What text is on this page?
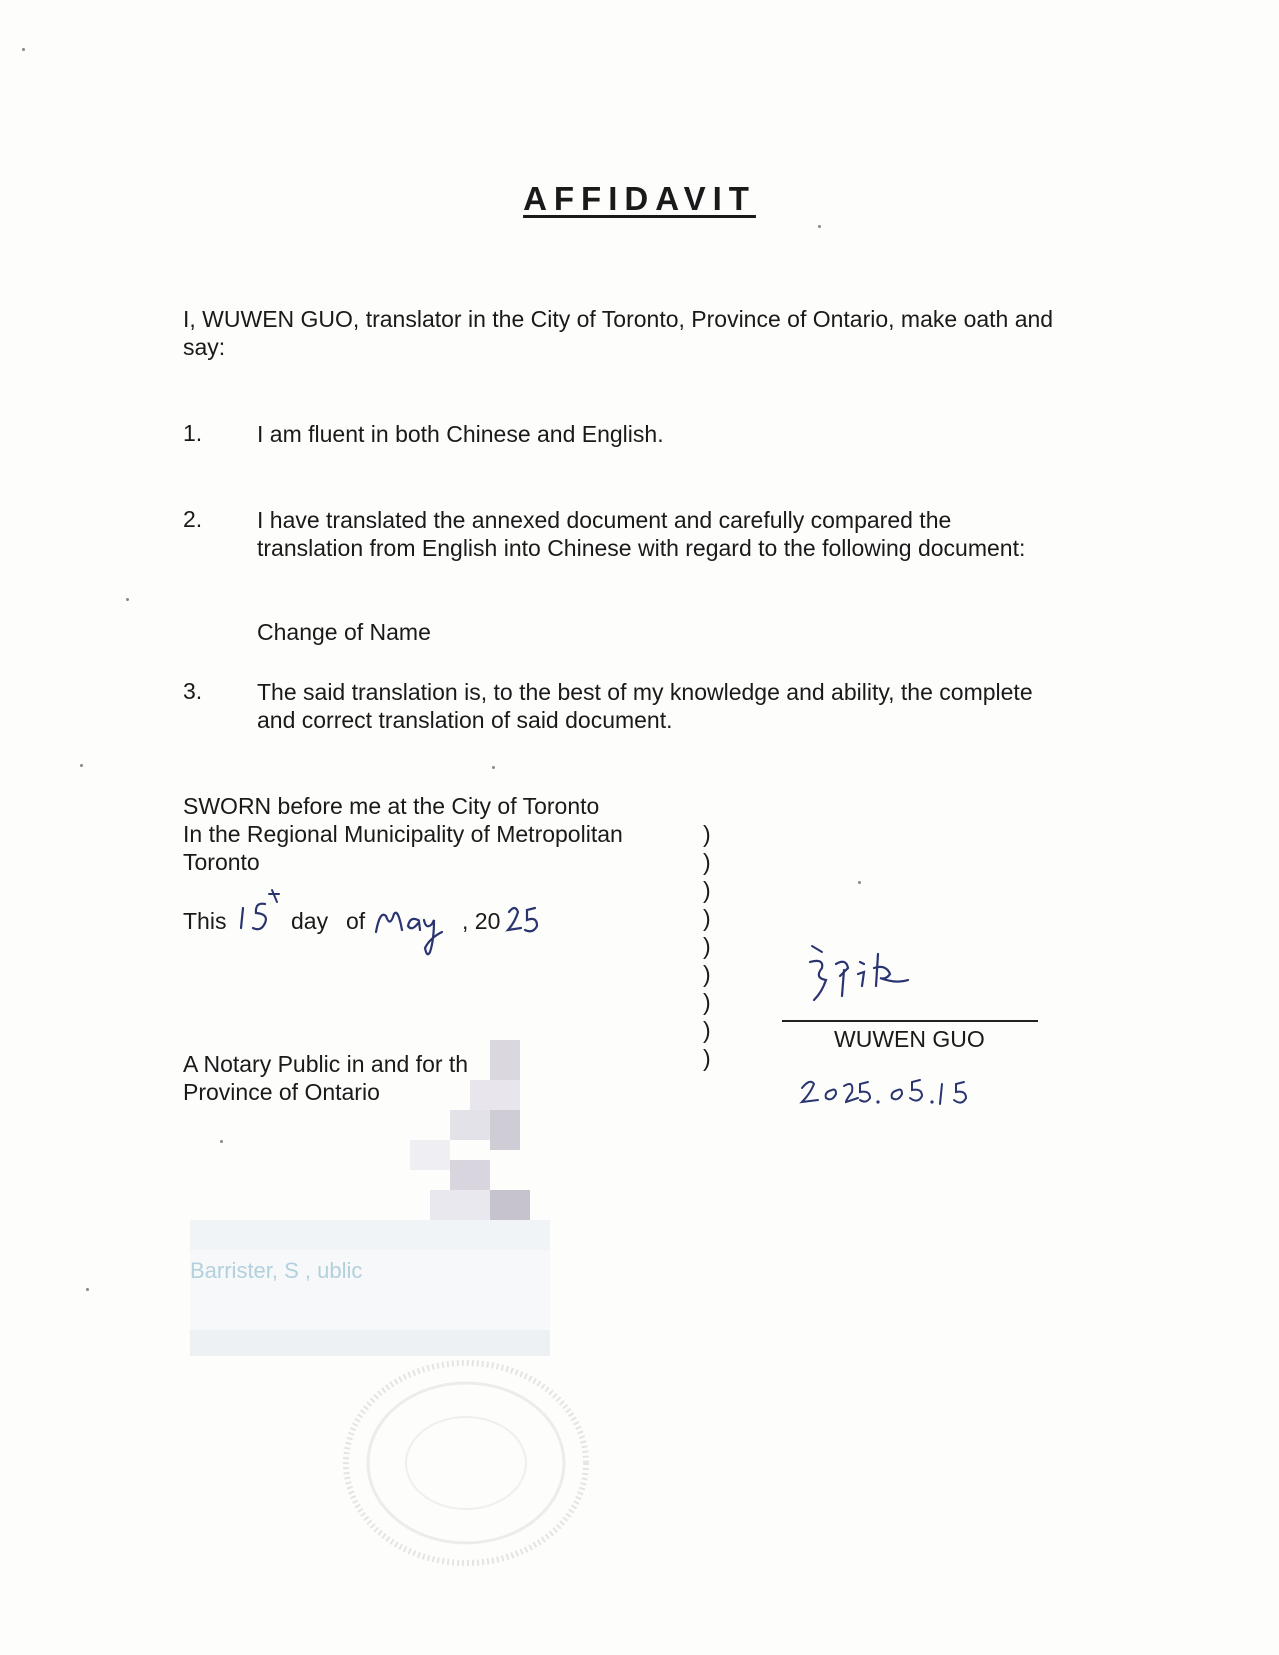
AFFIDAVIT
I, WUWEN GUO, translator in the City of Toronto, Province of Ontario, make oath and say:
1. I am fluent in both Chinese and English.
2. I have translated the annexed document and carefully compared the translation from English into Chinese with regard to the following document:
Change of Name
3. The said translation is, to the best of my knowledge and ability, the complete and correct translation of said document.
SWORN before me at the City of Toronto
In the Regional Municipality of Metropolitan
Toronto
This	day of	, 20
)
)
)
)
)
)
)
)
)
A Notary Public in and for th
Province of Ontario
WUWEN GUO
Barrister, S , ublic
